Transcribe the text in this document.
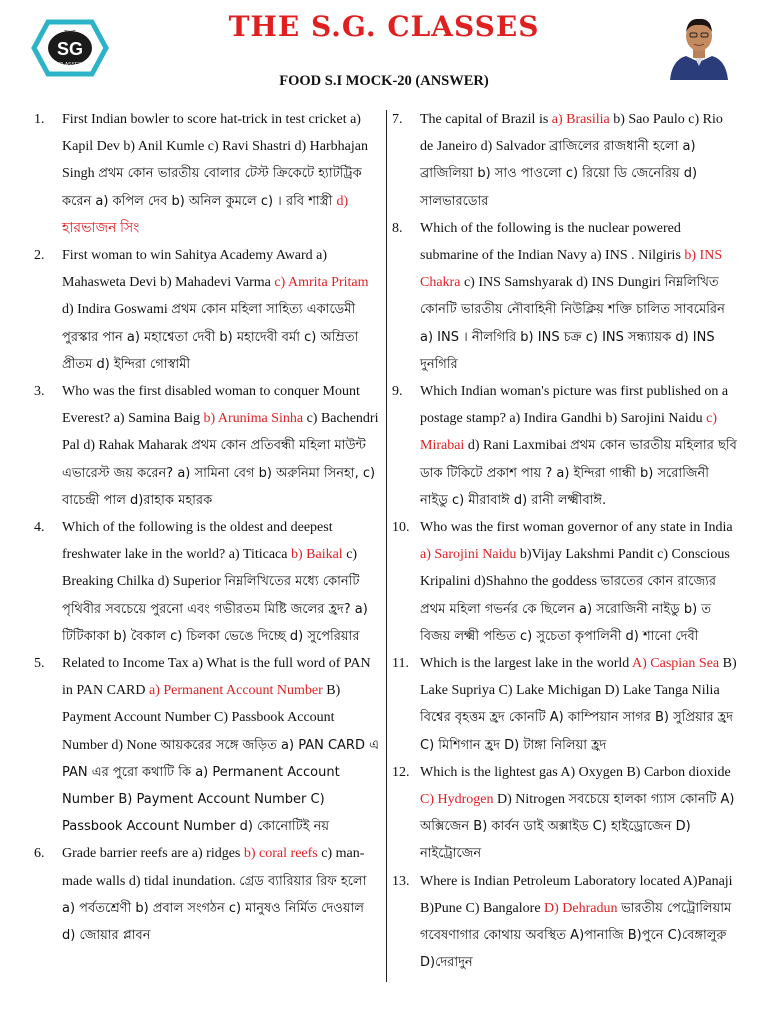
THE
SG
CLASSES
THE S.G. CLASSES
FOOD S.I MOCK-20 (ANSWER)

1. First Indian bowler to score hat-trick in test cricket a) Kapil Dev b) Anil Kumle c) Ravi Shastri d) Harbhajan Singh প্রথম কোন ভারতীয় বোলার টেস্ট ক্রিকেটে হ্যাটট্রিক করেন a) কপিল দেব b) অনিল কুমলে c) । রবি শাস্ত্রী d) হারভাজন সিং

2. First woman to win Sahitya Academy Award a) Mahasweta Devi b) Mahadevi Varma c) Amrita Pritam d) Indira Goswami প্রথম কোন মহিলা সাহিত্য একাডেমী পুরস্কার পান a) মহাশ্বেতা দেবী b) মহাদেবী বর্মা c) অম্রিতা প্রীতম d) ইন্দিরা গোস্বামী

3. Who was the first disabled woman to conquer Mount Everest? a) Samina Baig b) Arunima Sinha c) Bachendri Pal d) Rahak Maharak প্রথম কোন প্রতিবন্ধী মহিলা মাউন্ট এভারেস্ট জয় করেন? a) সামিনা বেগ b) অরুনিমা সিনহা, c) বাচেন্দ্রী পাল d)রাহাক মহারক

4. Which of the following is the oldest and deepest freshwater lake in the world? a) Titicaca b) Baikal c) Breaking Chilka d) Superior নিম্নলিখিতের মধ্যে কোনটি পৃথিবীর সবচেয়ে পুরনো এবং গভীরতম মিষ্টি জলের হ্রদ? a) টিটিকাকা b) বৈকাল c) চিলকা ভেঙে দিচ্ছে d) সুপেরিয়ার

5. Related to Income Tax a) What is the full word of PAN in PAN CARD a) Permanent Account Number B) Payment Account Number C) Passbook Account Number d) None আয়করের সঙ্গে জড়িত a) PAN CARD এ PAN এর পুরো কথাটি কি a) Permanent Account Number B) Payment Account Number C) Passbook Account Number d) কোনোটিই নয়

6. Grade barrier reefs are a) ridges b) coral reefs c) man-made walls d) tidal inundation. গ্রেড ব্যারিয়ার রিফ হলো a) পর্বতশ্রেণী b) প্রবাল সংগঠন c) মানুষও নির্মিত দেওয়াল d) জোয়ার প্লাবন

7. The capital of Brazil is a) Brasilia b) Sao Paulo c) Rio de Janeiro d) Salvador ব্রাজিলের রাজধানী হলো a) ব্রাজিলিয়া b) সাও পাওলো c) রিয়ো ডি জেনেরিয় d) সালভারডোর

8. Which of the following is the nuclear powered submarine of the Indian Navy a) INS . Nilgiris b) INS Chakra c) INS Samshyarak d) INS Dungiri নিম্নলিখিত কোনটি ভারতীয় নৌবাহিনী নিউক্লিয় শক্তি চালিত সাবমেরিন a) INS । নীলগিরি b) INS চক্র c) INS সন্ধ্যায়ক d) INS দুনগিরি

9. Which Indian woman's picture was first published on a postage stamp? a) Indira Gandhi b) Sarojini Naidu c) Mirabai d) Rani Laxmibai প্রথম কোন ভারতীয় মহিলার ছবি ডাক টিকিটে প্রকাশ পায় ? a) ইন্দিরা গান্ধী b) সরোজিনী নাইডু c) মীরাবাঈ d) রানী লক্ষ্মীবাঈ.

10. Who was the first woman governor of any state in India a) Sarojini Naidu b)Vijay Lakshmi Pandit c) Conscious Kripalini d)Shahno the goddess ভারতের কোন রাজ্যের প্রথম মহিলা গভর্নর কে ছিলেন a) সরোজিনী নাইডু b) ত বিজয় লক্ষ্মী পন্ডিত c) সুচেতা কৃপালিনী d) শানো দেবী

11. Which is the largest lake in the world A) Caspian Sea B) Lake Supriya C) Lake Michigan D) Lake Tanga Nilia বিশ্বের বৃহত্তম হ্রদ কোনটি A) কাম্পিয়ান সাগর B) সুপ্রিয়ার হ্রদ C) মিশিগান হ্রদ D) টাঙ্গা নিলিয়া হ্রদ

12. Which is the lightest gas A) Oxygen B) Carbon dioxide C) Hydrogen D) Nitrogen সবচেয়ে হালকা গ্যাস কোনটি A) অক্সিজেন B) কার্বন ডাই অক্সাইড C) হাইড্রোজেন D) নাইট্রোজেন

13. Where is Indian Petroleum Laboratory located A)Panaji B)Pune C) Bangalore D) Dehradun ভারতীয় পেট্রোলিয়াম গবেষণাগার কোথায় অবস্থিত A)পানাজি B)পুনে C)বেঙ্গালুরু D)দেরাদুন
